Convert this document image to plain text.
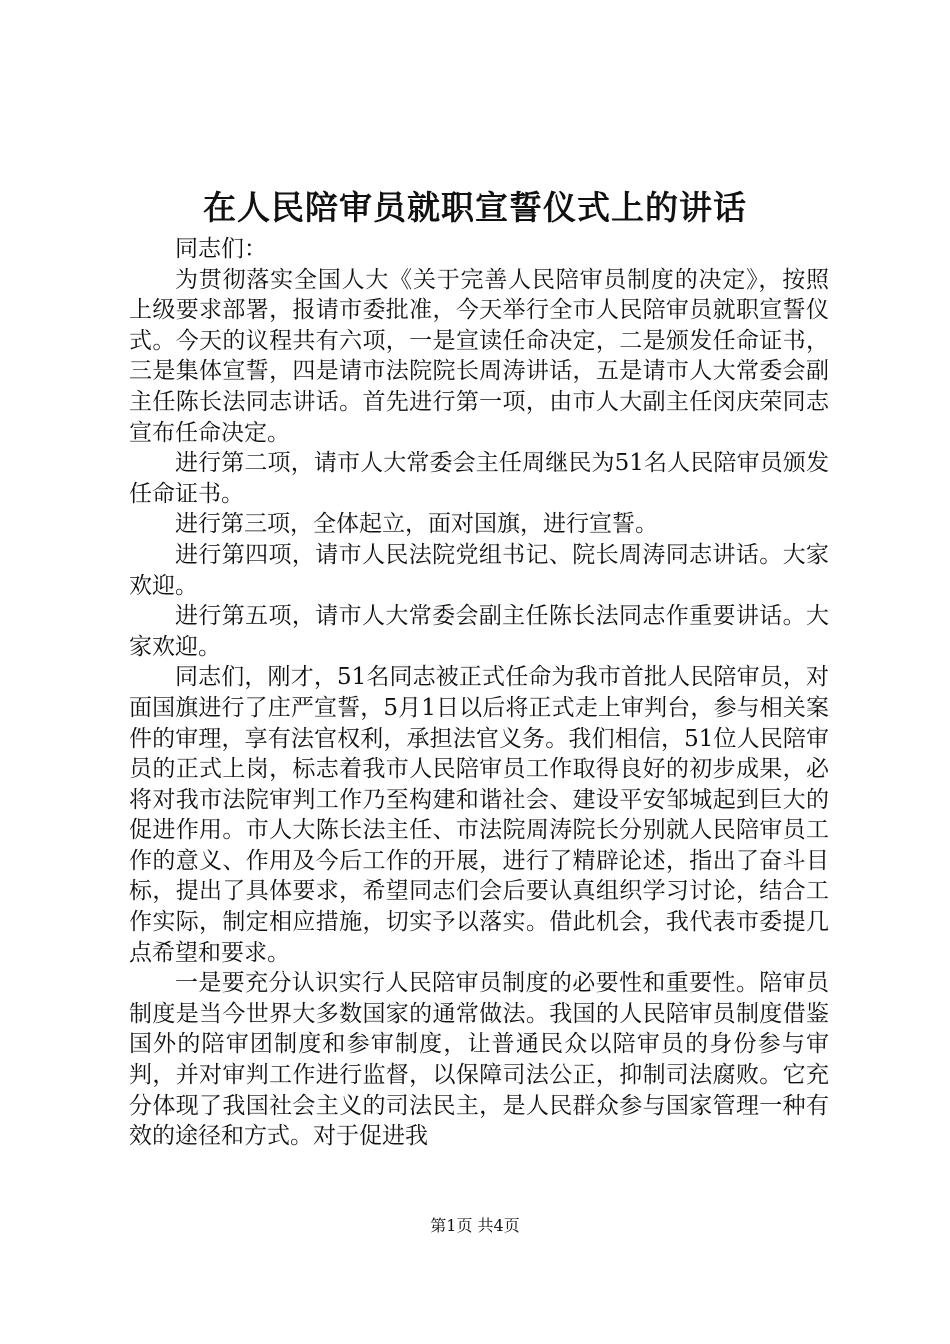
在人民陪审员就职宣誓仪式上的讲话

同志们：

为贯彻落实全国人大《关于完善人民陪审员制度的决定》，按照上级要求部署，报请市委批准，今天举行全市人民陪审员就职宣誓仪式。今天的议程共有六项，一是宣读任命决定，二是颁发任命证书，三是集体宣誓，四是请市法院院长周涛讲话，五是请市人大常委会副主任陈长法同志讲话。首先进行第一项，由市人大副主任闵庆荣同志宣布任命决定。

进行第二项，请市人大常委会主任周继民为51名人民陪审员颁发任命证书。

进行第三项，全体起立，面对国旗，进行宣誓。

进行第四项，请市人民法院党组书记、院长周涛同志讲话。大家欢迎。

进行第五项，请市人大常委会副主任陈长法同志作重要讲话。大家欢迎。

同志们，刚才，51名同志被正式任命为我市首批人民陪审员，对面国旗进行了庄严宣誓，5月1日以后将正式走上审判台，参与相关案件的审理，享有法官权利，承担法官义务。我们相信，51位人民陪审员的正式上岗，标志着我市人民陪审员工作取得良好的初步成果，必将对我市法院审判工作乃至构建和谐社会、建设平安邹城起到巨大的促进作用。市人大陈长法主任、市法院周涛院长分别就人民陪审员工作的意义、作用及今后工作的开展，进行了精辟论述，指出了奋斗目标，提出了具体要求，希望同志们会后要认真组织学习讨论，结合工作实际，制定相应措施，切实予以落实。借此机会，我代表市委提几点希望和要求。

一是要充分认识实行人民陪审员制度的必要性和重要性。陪审员制度是当今世界大多数国家的通常做法。我国的人民陪审员制度借鉴国外的陪审团制度和参审制度，让普通民众以陪审员的身份参与审判，并对审判工作进行监督，以保障司法公正，抑制司法腐败。它充分体现了我国社会主义的司法民主，是人民群众参与国家管理一种有效的途径和方式。对于促进我

第1页 共4页
